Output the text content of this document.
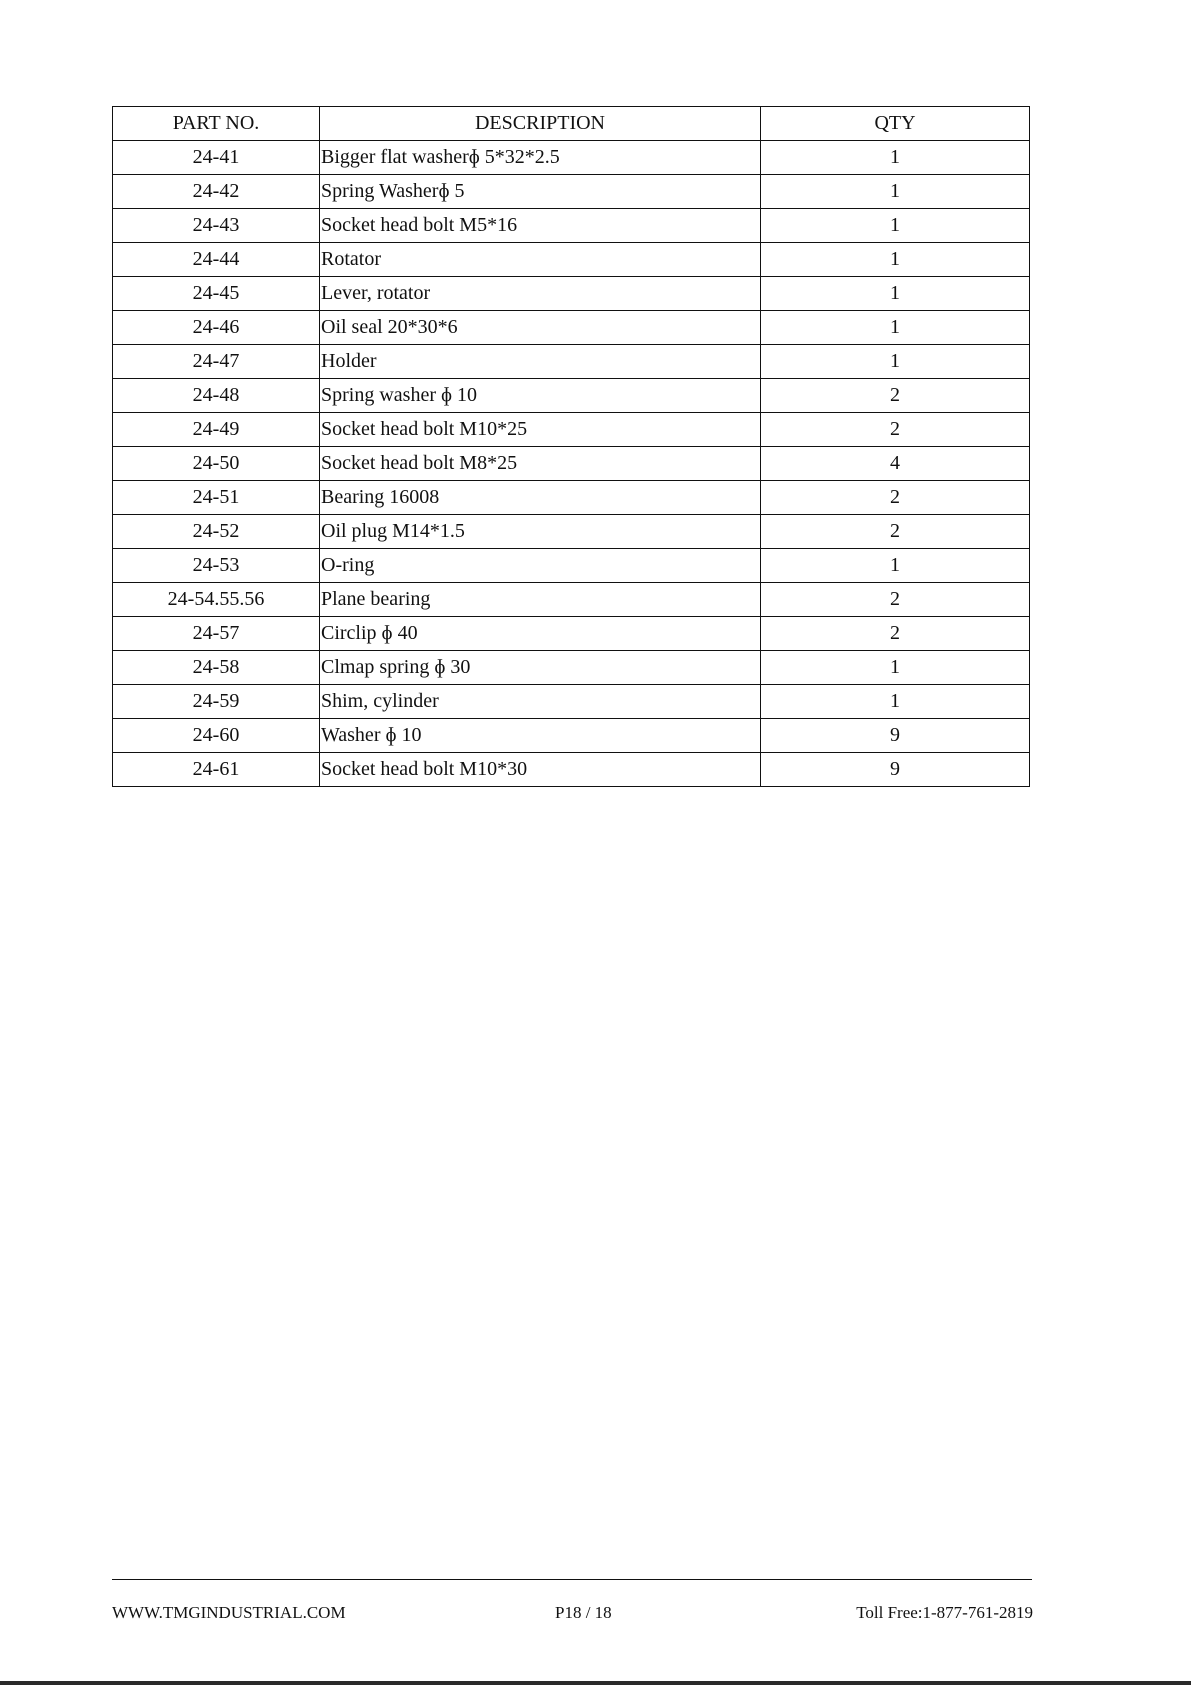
PART NO.	DESCRIPTION	QTY
24-41	Bigger flat washerɸ 5*32*2.5	1
24-42	Spring Washerɸ 5	1
24-43	Socket head bolt M5*16	1
24-44	Rotator	1
24-45	Lever, rotator	1
24-46	Oil seal 20*30*6	1
24-47	Holder	1
24-48	Spring washer ɸ 10	2
24-49	Socket head bolt M10*25	2
24-50	Socket head bolt M8*25	4
24-51	Bearing 16008	2
24-52	Oil plug M14*1.5	2
24-53	O-ring	1
24-54.55.56	Plane bearing	2
24-57	Circlip ɸ 40	2
24-58	Clmap spring ɸ 30	1
24-59	Shim, cylinder	1
24-60	Washer ɸ 10	9
24-61	Socket head bolt M10*30	9
WWW.TMGINDUSTRIAL.COM	P18 / 18	Toll Free:1-877-761-2819
